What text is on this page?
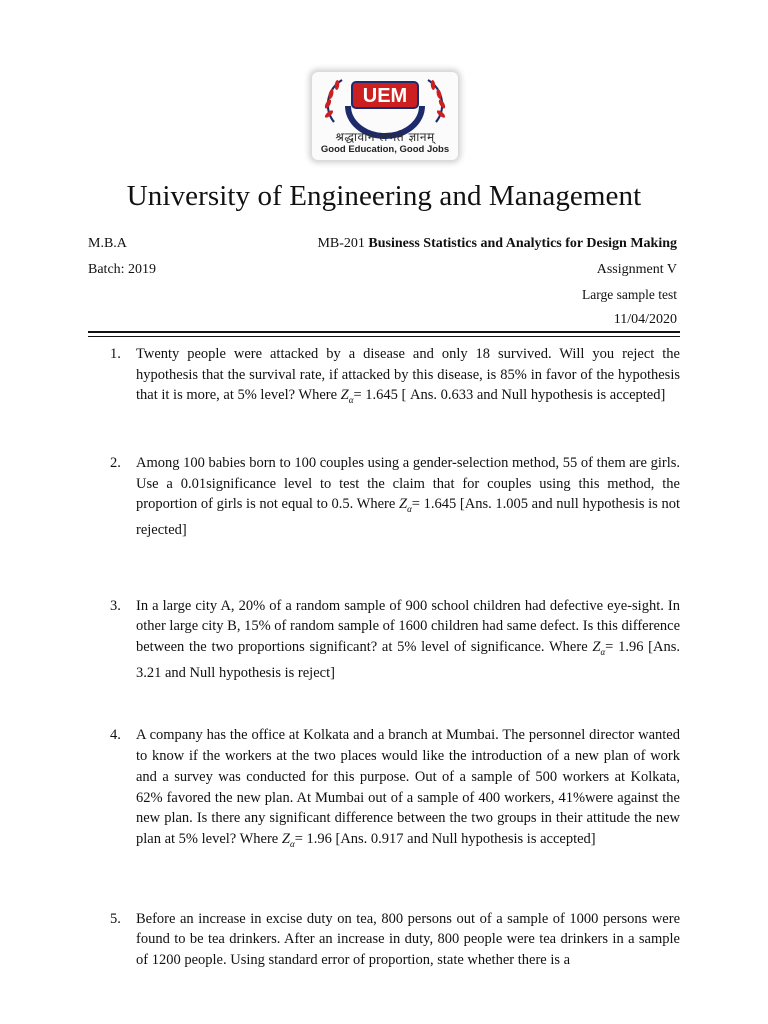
UEM
श्रद्धावान लभते ज्ञानम्
Good Education, Good Jobs
University of Engineering and Management
M.B.A	MB-201 Business Statistics and Analytics for Design Making
Batch: 2019	Assignment V
Large sample test
11/04/2020
1. Twenty people were attacked by a disease and only 18 survived. Will you reject the hypothesis that the survival rate, if attacked by this disease, is 85% in favor of the hypothesis that it is more, at 5% level? Where $Z_\alpha= 1.645$ [ Ans. 0.633 and Null hypothesis is accepted]
2. Among 100 babies born to 100 couples using a gender-selection method, 55 of them are girls. Use a 0.01significance level to test the claim that for couples using this method, the proportion of girls is not equal to 0.5. Where $Z_\alpha= 1.645$ [Ans. 1.005 and null hypothesis is not rejected]
3. In a large city A, 20% of a random sample of 900 school children had defective eye-sight. In other large city B, 15% of random sample of 1600 children had same defect. Is this difference between the two proportions significant? at 5% level of significance. Where $Z_\alpha= 1.96$ [Ans. 3.21 and Null hypothesis is reject]
4. A company has the office at Kolkata and a branch at Mumbai. The personnel director wanted to know if the workers at the two places would like the introduction of a new plan of work and a survey was conducted for this purpose. Out of a sample of 500 workers at Kolkata, 62% favored the new plan. At Mumbai out of a sample of 400 workers, 41%were against the new plan. Is there any significant difference between the two groups in their attitude the new plan at 5% level? Where $Z_\alpha= 1.96$ [Ans. 0.917 and Null hypothesis is accepted]
5. Before an increase in excise duty on tea, 800 persons out of a sample of 1000 persons were found to be tea drinkers. After an increase in duty, 800 people were tea drinkers in a sample of 1200 people. Using standard error of proportion, state whether there is a
